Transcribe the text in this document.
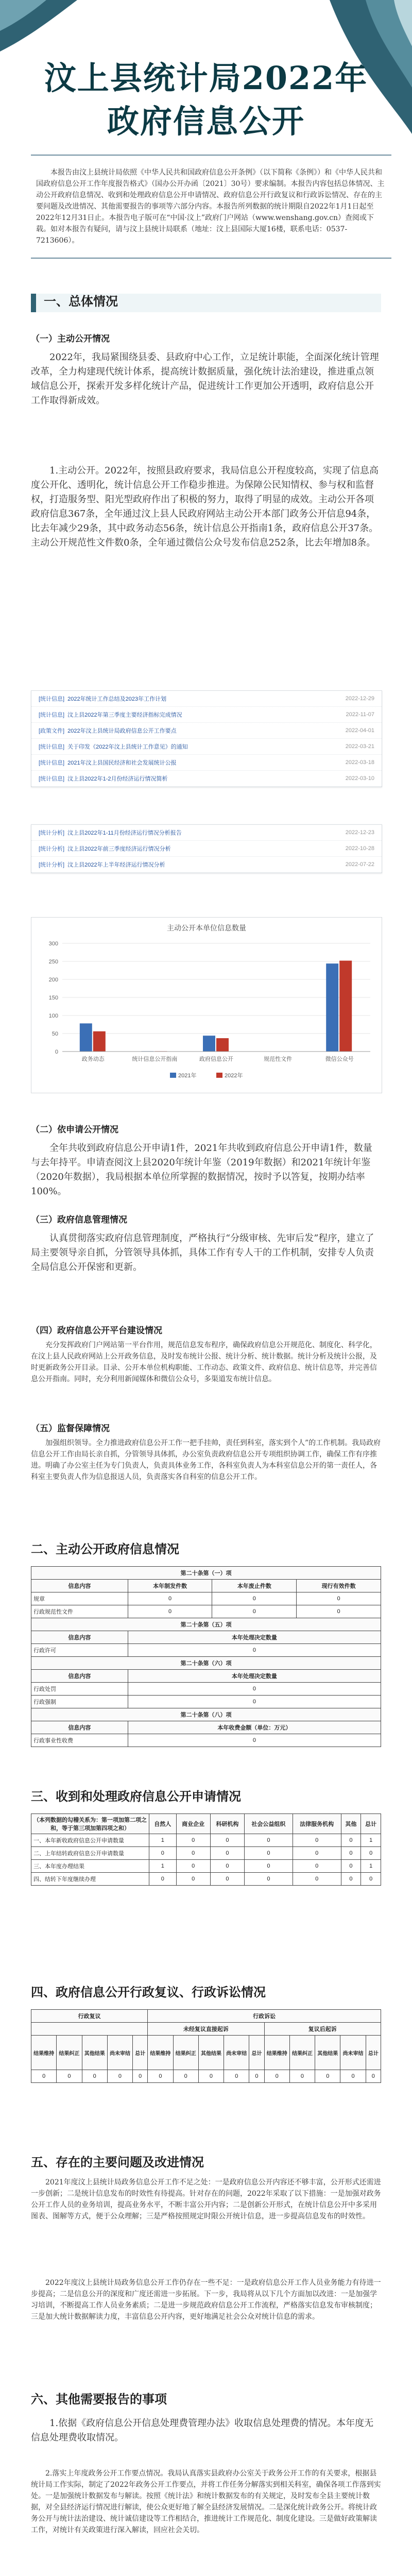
汶上县统计局2022年
政府信息公开

本报告由汶上县统计局依照《中华人民共和国政府信息公开条例》（以下简称《条例》）和《中华人民共和国政府信息公开工作年度报告格式》（国办公开办函〔2021〕30号）要求编制。本报告内容包括总体情况、主动公开政府信息情况、收到和处理政府信息公开申请情况、政府信息公开行政复议和行政诉讼情况、存在的主要问题及改进情况、其他需要报告的事项等六部分内容。本报告所列数据的统计期限自2022年1月1日起至2022年12月31日止。本报告电子版可在“中国·汶上”政府门户网站（www.wenshang.gov.cn）查阅或下载。如对本报告有疑问，请与汶上县统计局联系（地址：汶上县国际大厦16楼，联系电话：0537-7213606）。

一、总体情况
（一）主动公开情况

2022年，我局紧围绕县委、县政府中心工作，立足统计职能，全面深化统计管理改革，全力构建现代统计体系，提高统计数据质量，强化统计法治建设，推进重点领域信息公开，探索开发多样化统计产品，促进统计工作更加公开透明，政府信息公开工作取得新成效。

1.主动公开。2022年，按照县政府要求，我局信息公开程度较高，实现了信息高度公开化、透明化，统计信息公开工作稳步推进。为保障公民知情权、参与权和监督权，打造服务型、阳光型政府作出了积极的努力，取得了明显的成效。主动公开各项政府信息367条，全年通过汶上县人民政府网站主动公开本部门政务公开信息94条，比去年减少29条，其中政务动态56条，统计信息公开指南1条，政府信息公开37条。主动公开规范性文件数0条，全年通过微信公众号发布信息252条，比去年增加8条。

[统计信息] 2022年统计工作总结及2023年工作计划	2022-12-29
[统计信息] 汶上县2022年第三季度主要经济指标完成情况	2022-11-07
[政策文件] 2022年汶上县统计局政府信息公开工作要点	2022-04-01
[统计信息] 关于印发《2022年汶上县统计工作意见》的通知	2022-03-21
[统计信息] 2021年汶上县国民经济和社会发展统计公报	2022-03-18
[统计信息] 汶上县2022年1-2月份经济运行情况简析	2022-03-10
[统计分析] 汶上县2022年1-11月份经济运行情况分析报告	2022-12-23
[统计分析] 汶上县2022年前三季度经济运行情况分析	2022-10-28
[统计分析] 汶上县2022年上半年经济运行情况分析	2022-07-22
主动公开本单位信息数量
0
50
100
150
200
250
300
政务动态	统计信息公开指南	政府信息公开	规范性文件	微信公众号
2021年	2022年
（二）依申请公开情况

全年共收到政府信息公开申请1件，2021年共收到政府信息公开申请1件，数量与去年持平。申请查阅汶上县2020年统计年鉴（2019年数据）和2021年统计年鉴（2020年数据），我局根据本单位所掌握的数据情况，按时予以答复，按期办结率100%。

（三）政府信息管理情况

认真贯彻落实政府信息管理制度，严格执行“分级审核、先审后发”程序，建立了局主要领导亲自抓，分管领导具体抓，具体工作有专人干的工作机制，安排专人负责全局信息公开保密和更新。

（四）政府信息公开平台建设情况

充分发挥政府门户网站第一平台作用，规范信息发布程序，确保政府信息公开规范化、制度化、科学化，在汶上县人民政府网站上公开政务信息，及时发布统计公报、统计分析、统计数据。统计分析及统计公报，及时更新政务公开目录。目录、公开本单位机构职能、工作动态、政策文件、政府信息、统计信息等，并完善信息公开指南。同时，充分利用新闻媒体和微信公众号，多渠道发布统计信息。

（五）监督保障情况

加强组织领导。全力推进政府信息公开工作一把手挂帅，责任到科室，落实到个人”的工作机制。我局政府信息公开工作由局长亲自抓，分管领导具体抓，办公室负责政府信息公开专项组织协调工作，确保工作有序推进。明确了办公室主任为专门负责人，负责具体业务工作，各科室负责人为本科室信息公开的第一责任人，各科室主要负责人作为信息报送人员，负责落实各自科室的信息公开工作。

二、主动公开政府信息情况
第二十条第（一）项			
信息内容	本年制发件数	本年废止件数	现行有效件数
规章	0	0	0
行政规范性文件	0	0	0
第二十条第（五）项			
信息内容	本年处理决定数量		
行政许可	0		
第二十条第（六）项			
信息内容	本年处理决定数量		
行政处罚	0		
行政强制	0		
第二十条第（八）项			
信息内容	本年收费金额（单位：万元）		
行政事业性收费	0		
三、收到和处理政府信息公开申请情况
（本列数据的勾稽关系为：第一项加第二项之和，等于第三项加第四项之和）	自然人	商业企业	科研机构	社会公益组织	法律服务机构	其他	总计
一、本年新收政府信息公开申请数量	1	0	0	0	0	0	1
二、上年结转政府信息公开申请数量	0	0	0	0	0	0	0
三、本年度办理结果	1	0	0	0	0	0	1
四、结转下年度继续办理	0	0	0	0	0	0	0
四、政府信息公开行政复议、行政诉讼情况
行政复议					行政诉讼									
					未经复议直接起诉					复议后起诉				
结果维持	结果纠正	其他结果	尚未审结	总计	结果维持	结果纠正	其他结果	尚未审结	总计	结果维持	结果纠正	其他结果	尚未审结	总计
0	0	0	0	0	0	0	0	0	0	0	0	0	0	0
五、存在的主要问题及改进情况

2021年度汶上县统计局政务信息公开工作不足之处：一是政府信息公开内容还不够丰富，公开形式还需进一步创新；二是统计信息发布的时效性有待提高。针对存在的问题，2022年采取了以下措施：一是加强对政务公开工作人员的业务培训，提高业务水平，不断丰富公开内容；二是创新公开形式，在统计信息公开中多采用图表、图解等方式，便于公众理解；三是严格按照规定时限公开统计信息，进一步提高信息发布的时效性。

2022年度汶上县统计局政务信息公开工作仍存在一些不足：一是政府信息公开工作人员业务能力有待进一步提高；二是信息公开的深度和广度还需进一步拓展。下一步，我局将从以下几个方面加以改进：一是加强学习培训，不断提高工作人员业务素质；二是进一步规范政府信息公开工作流程，严格落实信息发布审核制度；三是加大统计数据解读力度，丰富信息公开内容，更好地满足社会公众对统计信息的需求。

六、其他需要报告的事项

1.依据《政府信息公开信息处理费管理办法》收取信息处理费的情况。本年度无信息处理费收取情况。

2.落实上年度政务公开工作要点情况。我局认真落实县政府办公室关于政务公开工作的有关要求，根据县统计局工作实际，制定了2022年政务公开工作要点，并将工作任务分解落实到相关科室，确保各项工作落到实处。一是加强统计数据发布与解读。按照《统计法》和统计数据发布的有关规定，及时发布全县主要统计数据，对全县经济运行情况进行解读，使公众更好地了解全县经济发展情况。二是深化统计政务公开。将统计政务公开与统计法治建设、统计诚信建设等工作相结合，推进统计工作规范化、制度化建设。三是做好政策解读工作，对统计有关政策进行深入解读，回应社会关切。
